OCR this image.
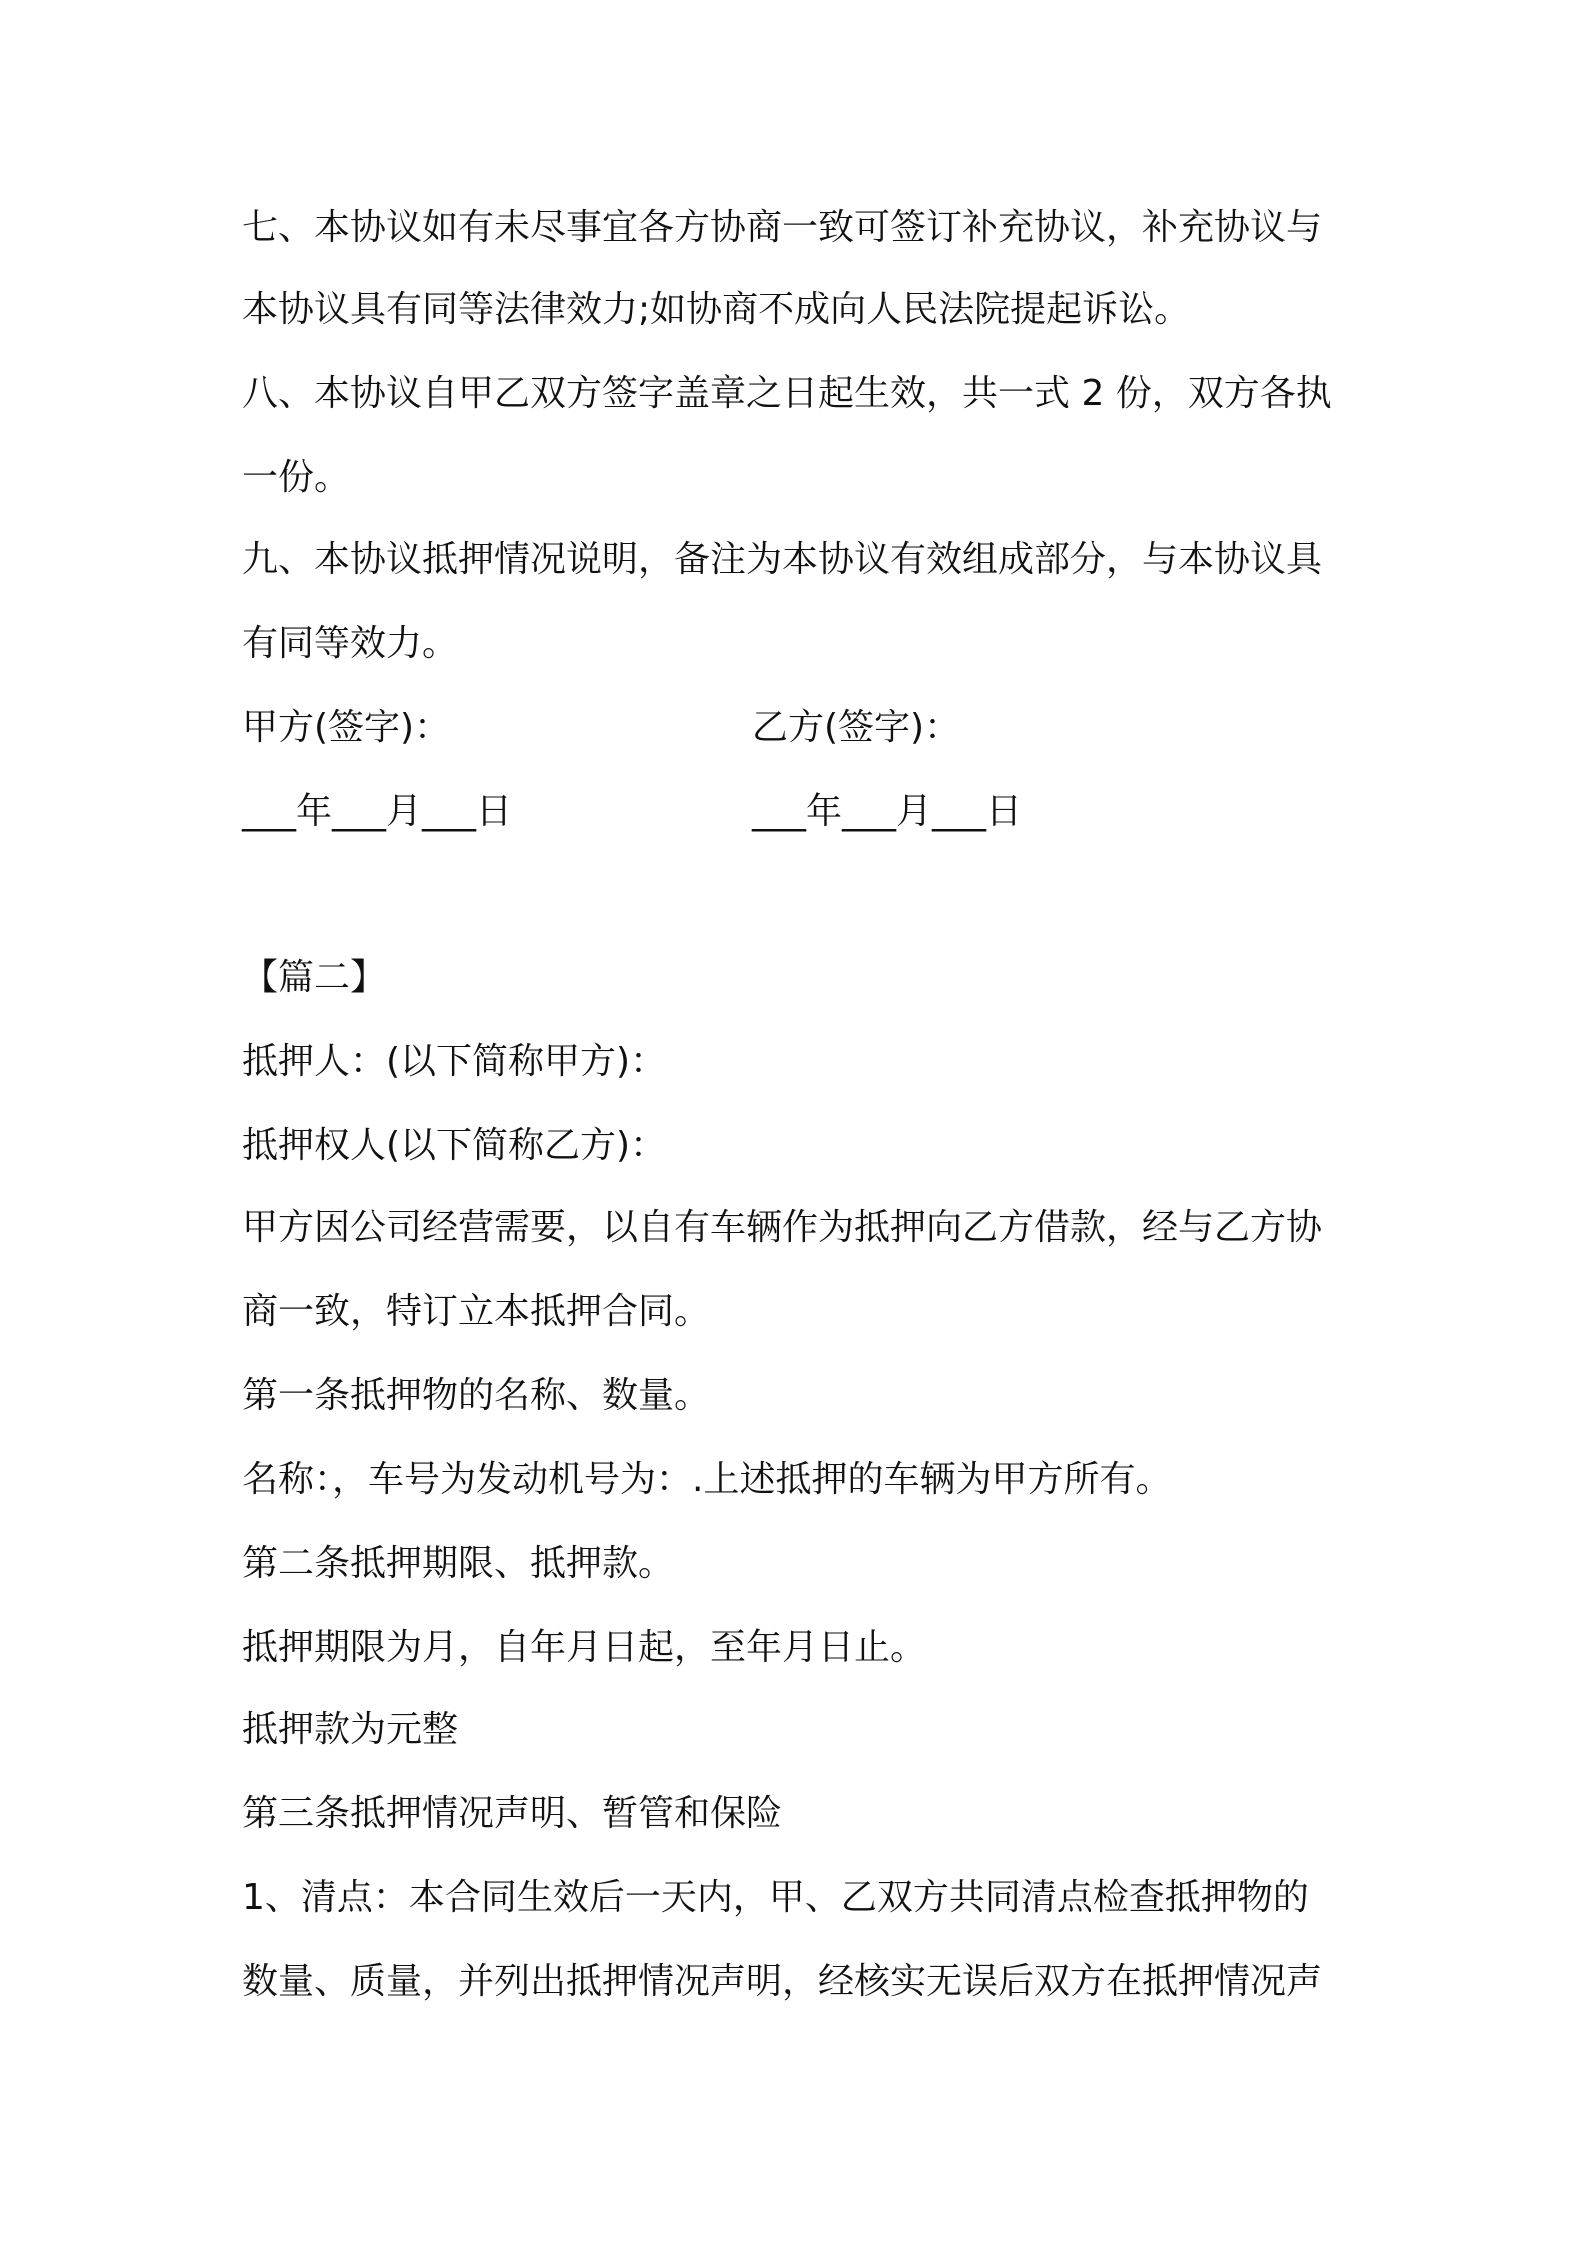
七、本协议如有未尽事宜各方协商一致可签订补充协议，补充协议与
本协议具有同等法律效力;如协商不成向人民法院提起诉讼。
八、本协议自甲乙双方签字盖章之日起生效，共一式 2 份，双方各执
一份。
九、本协议抵押情况说明，备注为本协议有效组成部分，与本协议具
有同等效力。
甲方(签字)：	乙方(签字)：
___年___月___日	___年___月___日
【篇二】
抵押人：(以下简称甲方)：
抵押权人(以下简称乙方)：
甲方因公司经营需要，以自有车辆作为抵押向乙方借款，经与乙方协
商一致，特订立本抵押合同。
第一条抵押物的名称、数量。
名称：，车号为发动机号为：.上述抵押的车辆为甲方所有。
第二条抵押期限、抵押款。
抵押期限为月，自年月日起，至年月日止。
抵押款为元整
第三条抵押情况声明、暂管和保险
1、清点：本合同生效后一天内，甲、乙双方共同清点检查抵押物的
数量、质量，并列出抵押情况声明，经核实无误后双方在抵押情况声
